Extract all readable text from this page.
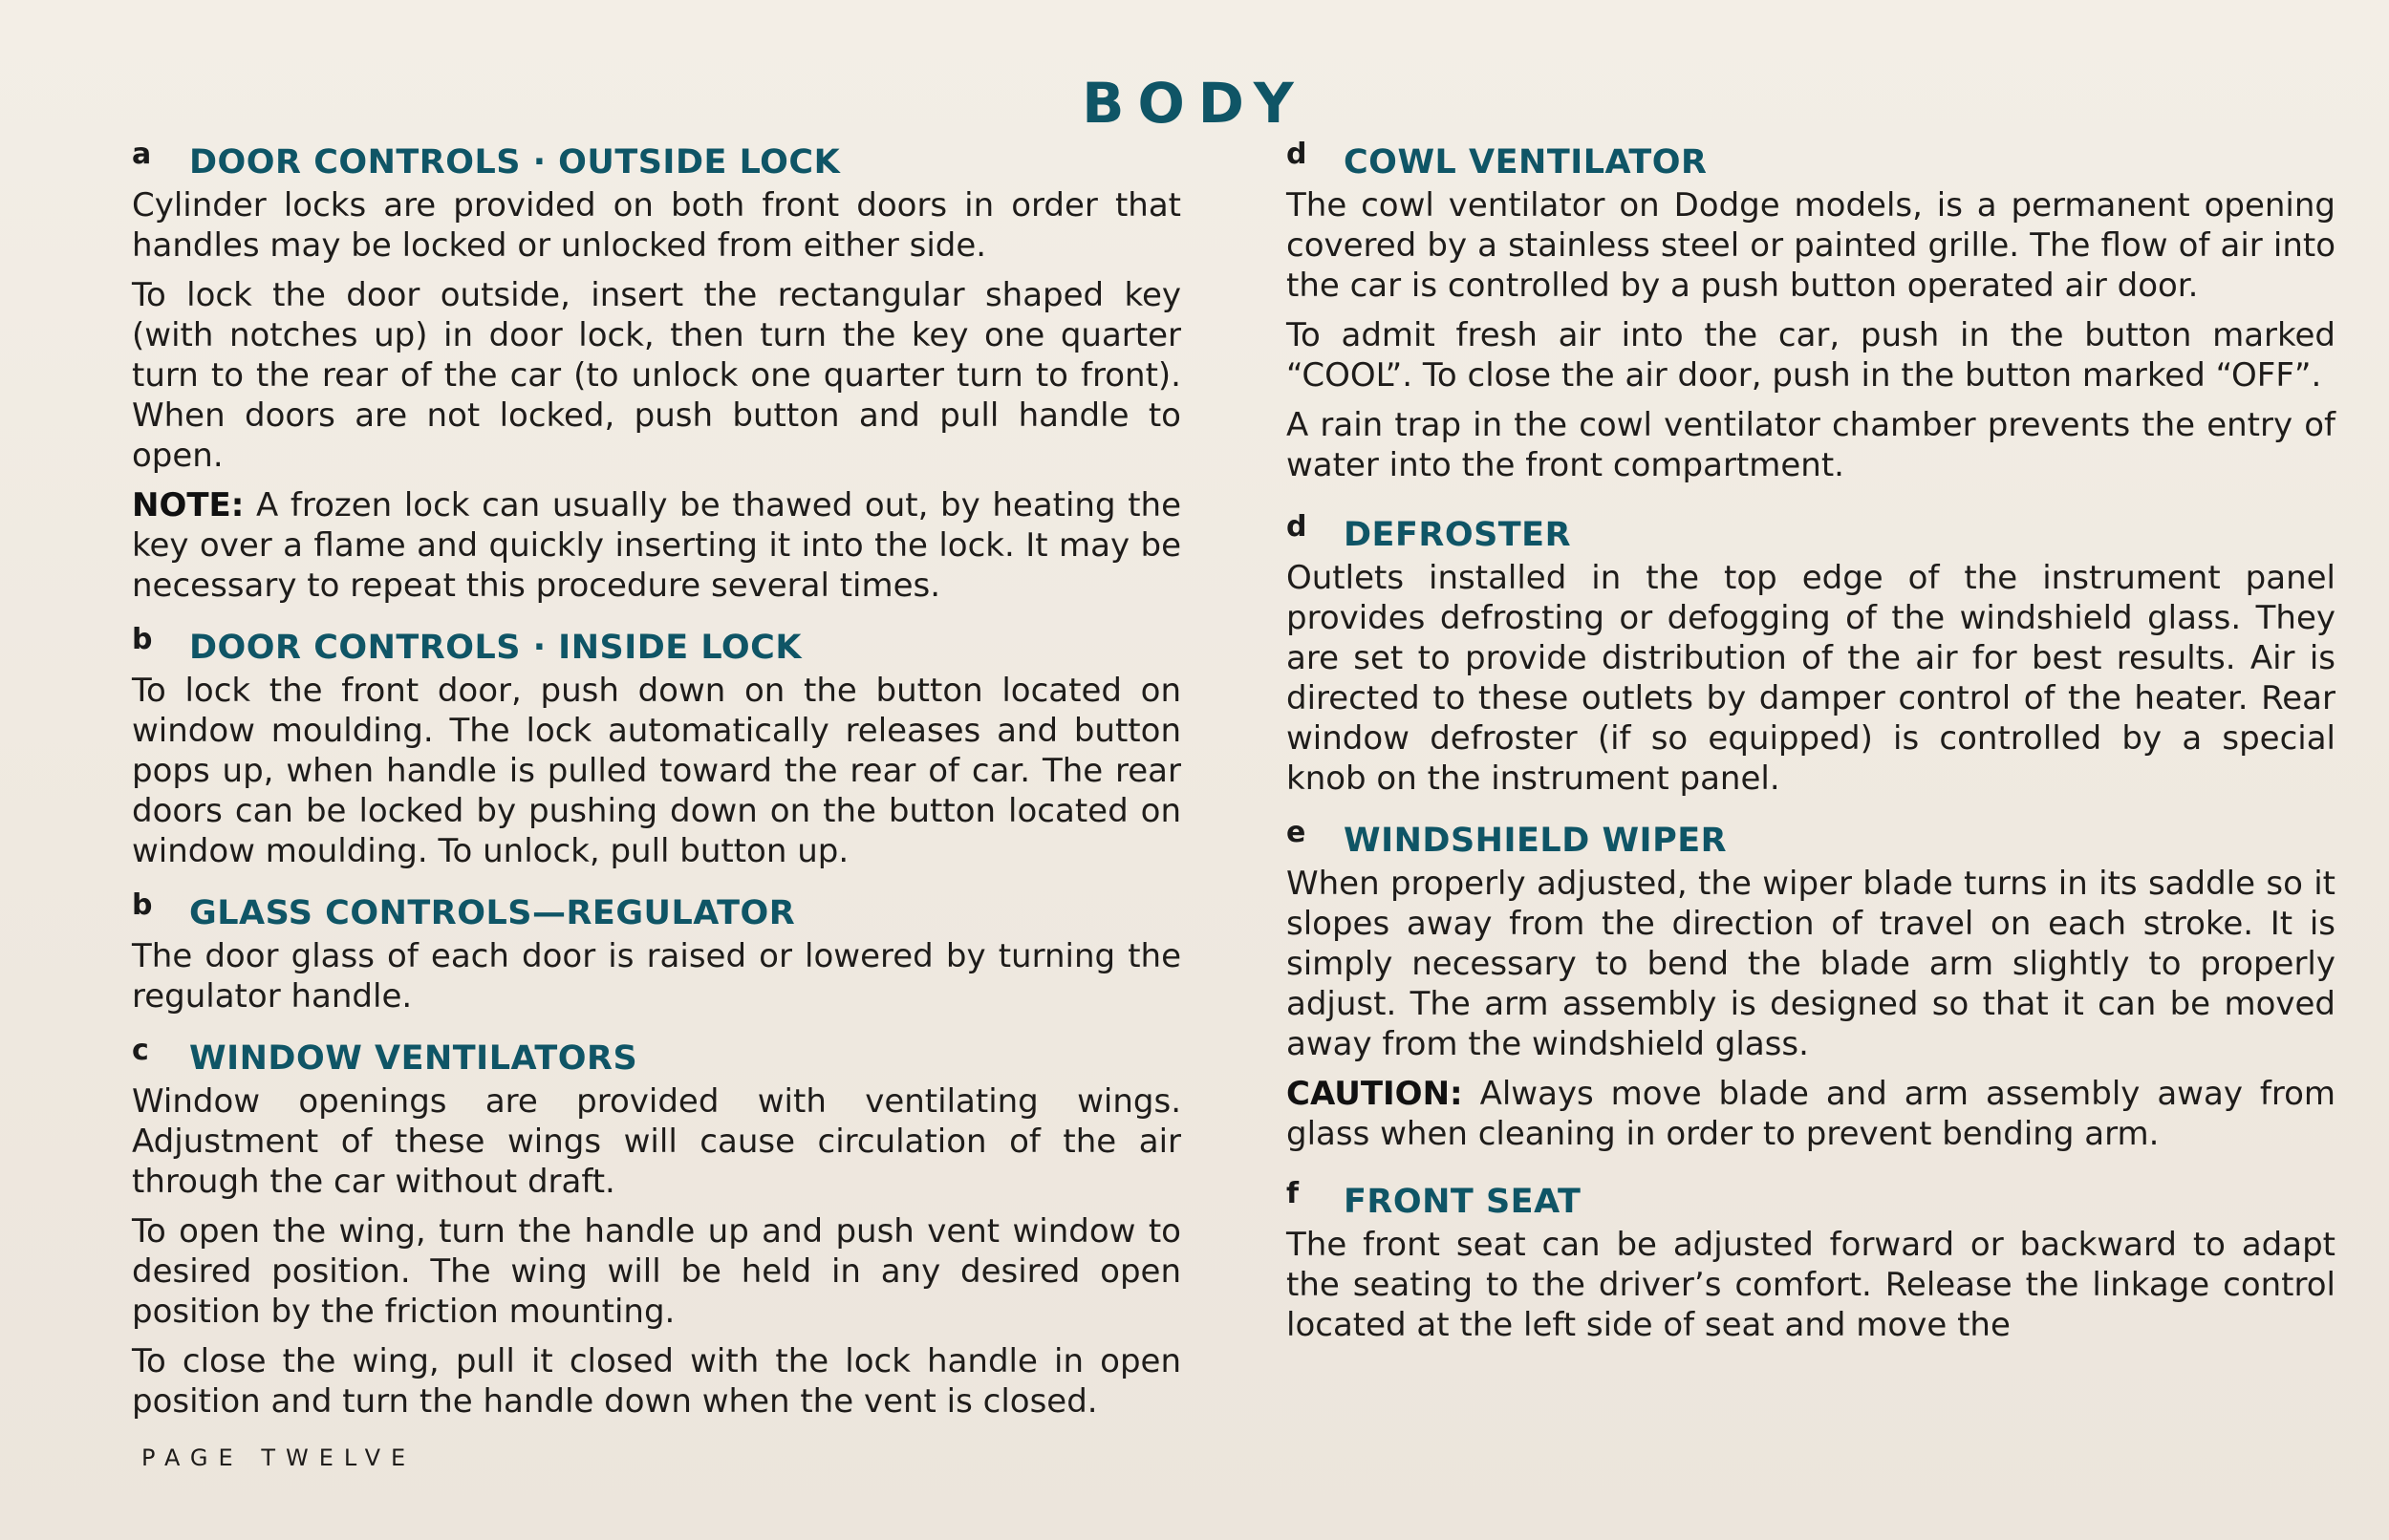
BODY
a	DOOR CONTROLS · OUTSIDE LOCK

Cylinder locks are provided on both front doors in order that handles may be locked or unlocked from either side.

To lock the door outside, insert the rectangular shaped key (with notches up) in door lock, then turn the key one quarter turn to the rear of the car (to unlock one quarter turn to front). When doors are not locked, push button and pull handle to open.

NOTE: A frozen lock can usually be thawed out, by heating the key over a flame and quickly inserting it into the lock. It may be necessary to repeat this procedure several times.

b	DOOR CONTROLS · INSIDE LOCK

To lock the front door, push down on the button located on window moulding. The lock automatically releases and button pops up, when handle is pulled toward the rear of car. The rear doors can be locked by pushing down on the button located on window moulding. To unlock, pull button up.

b	GLASS CONTROLS—REGULATOR

The door glass of each door is raised or lowered by turning the regulator handle.

c	WINDOW VENTILATORS

Window openings are provided with ventilating wings. Adjustment of these wings will cause circulation of the air through the car without draft.

To open the wing, turn the handle up and push vent window to desired position. The wing will be held in any desired open position by the friction mounting.

To close the wing, pull it closed with the lock handle in open position and turn the handle down when the vent is closed.

d	COWL VENTILATOR

The cowl ventilator on Dodge models, is a permanent opening covered by a stainless steel or painted grille. The flow of air into the car is controlled by a push button operated air door.

To admit fresh air into the car, push in the button marked “COOL”. To close the air door, push in the button marked “OFF”.

A rain trap in the cowl ventilator chamber prevents the entry of water into the front compartment.

d	DEFROSTER

Outlets installed in the top edge of the instrument panel provides defrosting or defogging of the windshield glass. They are set to provide distribution of the air for best results. Air is directed to these outlets by damper control of the heater. Rear window defroster (if so equipped) is controlled by a special knob on the instrument panel.

e	WINDSHIELD WIPER

When properly adjusted, the wiper blade turns in its saddle so it slopes away from the direction of travel on each stroke. It is simply necessary to bend the blade arm slightly to properly adjust. The arm assembly is designed so that it can be moved away from the windshield glass.

CAUTION: Always move blade and arm assembly away from glass when cleaning in order to prevent bending arm.

f	FRONT SEAT

The front seat can be adjusted forward or backward to adapt the seating to the driver’s comfort. Release the linkage control located at the left side of seat and move the

PAGE TWELVE
